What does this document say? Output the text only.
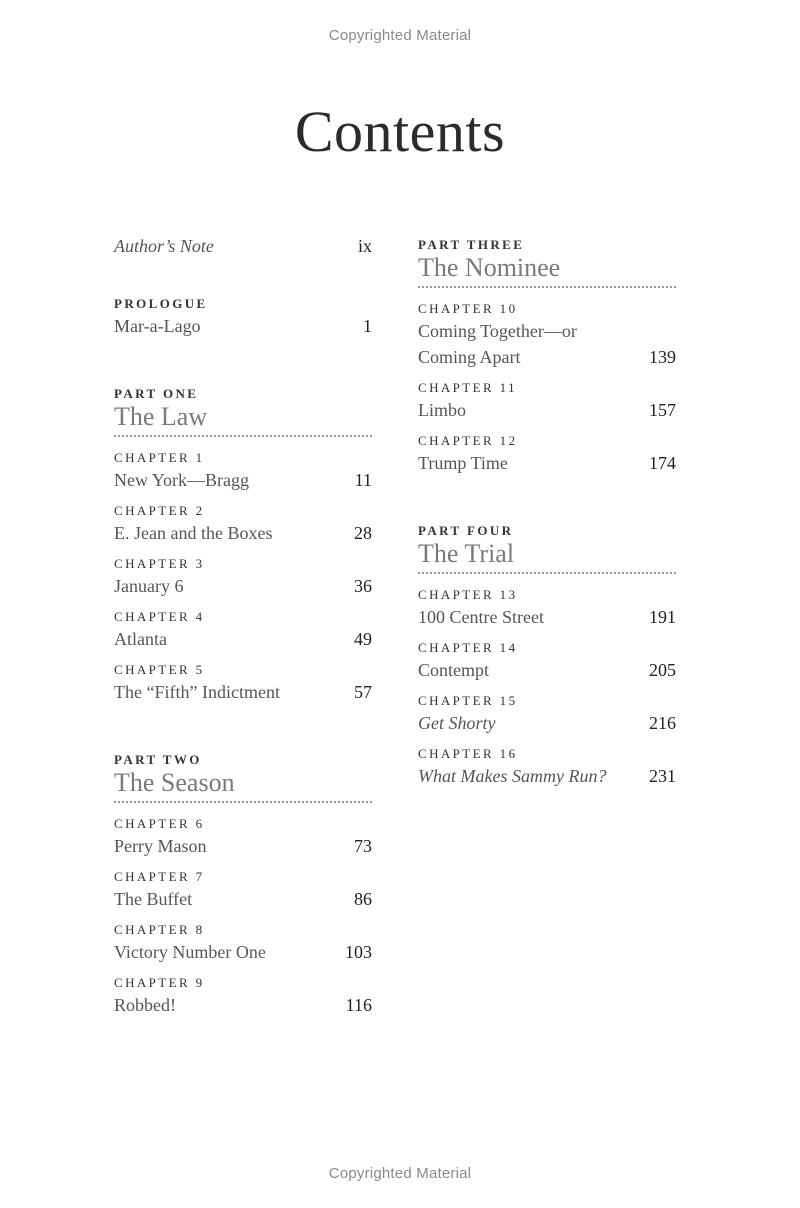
Copyrighted Material
Contents
Author’s Note	ix
PROLOGUE
Mar-a-Lago	1
PART ONE
The Law
CHAPTER 1
New York—Bragg	11
CHAPTER 2
E. Jean and the Boxes	28
CHAPTER 3
January 6	36
CHAPTER 4
Atlanta	49
CHAPTER 5
The “Fifth” Indictment	57
PART TWO
The Season
CHAPTER 6
Perry Mason	73
CHAPTER 7
The Buffet	86
CHAPTER 8
Victory Number One	103
CHAPTER 9
Robbed!	116
PART THREE
The Nominee
CHAPTER 10
Coming Together—or Coming Apart	139
CHAPTER 11
Limbo	157
CHAPTER 12
Trump Time	174
PART FOUR
The Trial
CHAPTER 13
100 Centre Street	191
CHAPTER 14
Contempt	205
CHAPTER 15
Get Shorty	216
CHAPTER 16
What Makes Sammy Run?	231
Copyrighted Material
